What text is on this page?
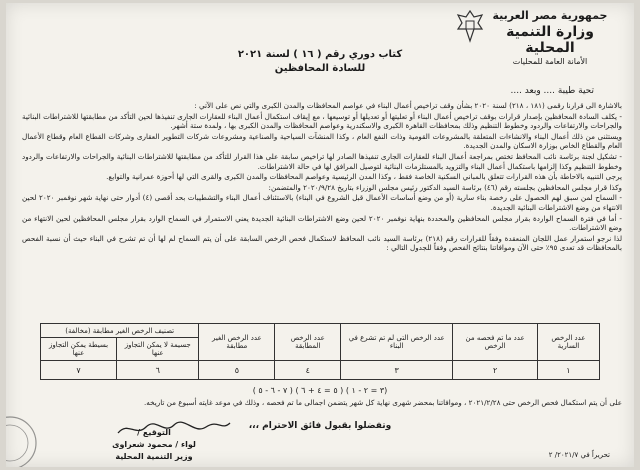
جمهورية مصر العربية
وزارة التنمية المحلية
الأمانة العامة للمحليات
كتاب دوري رقم ( ١٦ ) لسنة ٢٠٢١
للسادة المحافظين
تحية طيبة .... وبعد ....

بالاشارة الى قرارنا رقمى (١٨١ ، ٢١٨) لسنة ٢٠٢٠ بشأن وقف تراخيص أعمال البناء في عواصم المحافظات والمدن الكبرى والتي نص على الآتي :

- يكلف السادة المحافظين بإصدار قرارات بوقف تراخيص أعمال البناء أو تعليتها أو تعديلها أو توسيعها ، مع إيقاف استكمال أعمال البناء للعقارات الجارى تنفيذها لحين التأكد من مطابقتها للاشتراطات البنائية والجراحات والارتفاعات والردود وخطوط التنظيم وذلك بمحافظات القاهرة الكبرى والاسكندرية وعواصم المحافظات والمدن الكبرى بها ، ولمدة ستة أشهر.

ويستثنى من ذلك أعمال البناء والانشاءات المتعلقة بالمشروعات القومية وذات النفع العام ، وكذا المنشآت السياحية والصناعية ومشروعات شركات التطوير العقارى وشركات القطاع العام وقطاع الأعمال العام والقطاع الخاص بوزارة الاسكان والمدن الجديدة.

- تشكيل لجنة برئاسة نائب المحافظ تختص بمراجعة أعمال البناء للعقارات الجارى تنفيذها الصادر لها تراخيص سابقة على هذا القرار للتأكد من مطابقتها للاشتراطات البنائية والجراحات والارتفاعات والردود وخطوط التنظيم وكذا إلزامها باستكمال أعمال البناء والتزويد بالمستلزمات البنائية لتوصيل المرافق لها في حالة الاشتراطات.

يرجى التنبيه بالاحاطة بأن هذه القرارات تتعلق بالمباني السكنية الخاصة فقط ، وكذا المدن الرئيسية وعواصم المحافظات والمدن الكبرى والقرى التي لها أحوزة عمرانية والتوابع.

وكذا قرار مجلس المحافظين بجلسته رقم (٤٦) برئاسة السيد الدكتور رئيس مجلس الوزراء بتاريخ ٢٠٢٠/٩/٢٨ والمتضمن:

- السماح لمن سبق لهم الحصول على رخصة بناء سارية (أو من وضع أساسات الأعمال قبل الشروع في البناء) بالاستئناف أعمال البناء والتشطيبات بحد أقصى (٤) أدوار حتى نهاية شهر نوفمبر ٢٠٢٠ لحين الانتهاء من وضع الاشتراطات البنائية الجديدة.

- أما في فترة السماح الواردة بقرار مجلس المحافظين والمحددة بنهاية نوفمبر ٢٠٢٠ لحين وضع الاشتراطات البنائية الجديدة يعني الاستمرار في السماح الوارد بقرار مجلس المحافظين لحين الانتهاء من وضع الاشتراطات.

لذا نرجو استمرار عمل اللجان المنعقدة وفقاً للقرارات رقم (٢١٨) برئاسة السيد نائب المحافظ لاستكمال فحص الرخص السابقة على أن يتم السماح لم لها أن تم تشرح في البناء حيث أن نسبة الفحص بالمحافظات قد تعدى ٩٥٪ حتى الآن وموافاتنا بنتائج الفحص وفقاً للجدول التالي :

عدد الرخص السارية	عدد ما تم فحصه من الرخص	عدد الرخص التى لم تم تشرع في البناء	عدد الرخص المطابقة	عدد الرخص الغير مطابقة	تصنيف الرخص الغير مطابقة (مخالفة)	
					جسيمة لا يمكن التجاوز عنها	بسيطة يمكن التجاوز عنها
١	٢	٣	٤	٥	٦	٧
(٣ = ٢ - ١ ) ( ٥ = ٤ + ٦ ) ( ٧ - ٦ - ٥ )
على أن يتم استكمال فحص الرخص حتى ٢٠٢١/٢/٢٨ ، وموافاتنا بمحضر شهرى نهاية كل شهر يتضمن اجمالى ما تم فحصه ، وذلك في موعد غايته أسبوع من تاريخه.
وتفضلوا بقبول فائق الاحترام ،،،
التوقيع /
لواء / محمود شعراوى
وزير التنمية المحلية	تحريراً في ٢٠٢١/٧/ ٢
